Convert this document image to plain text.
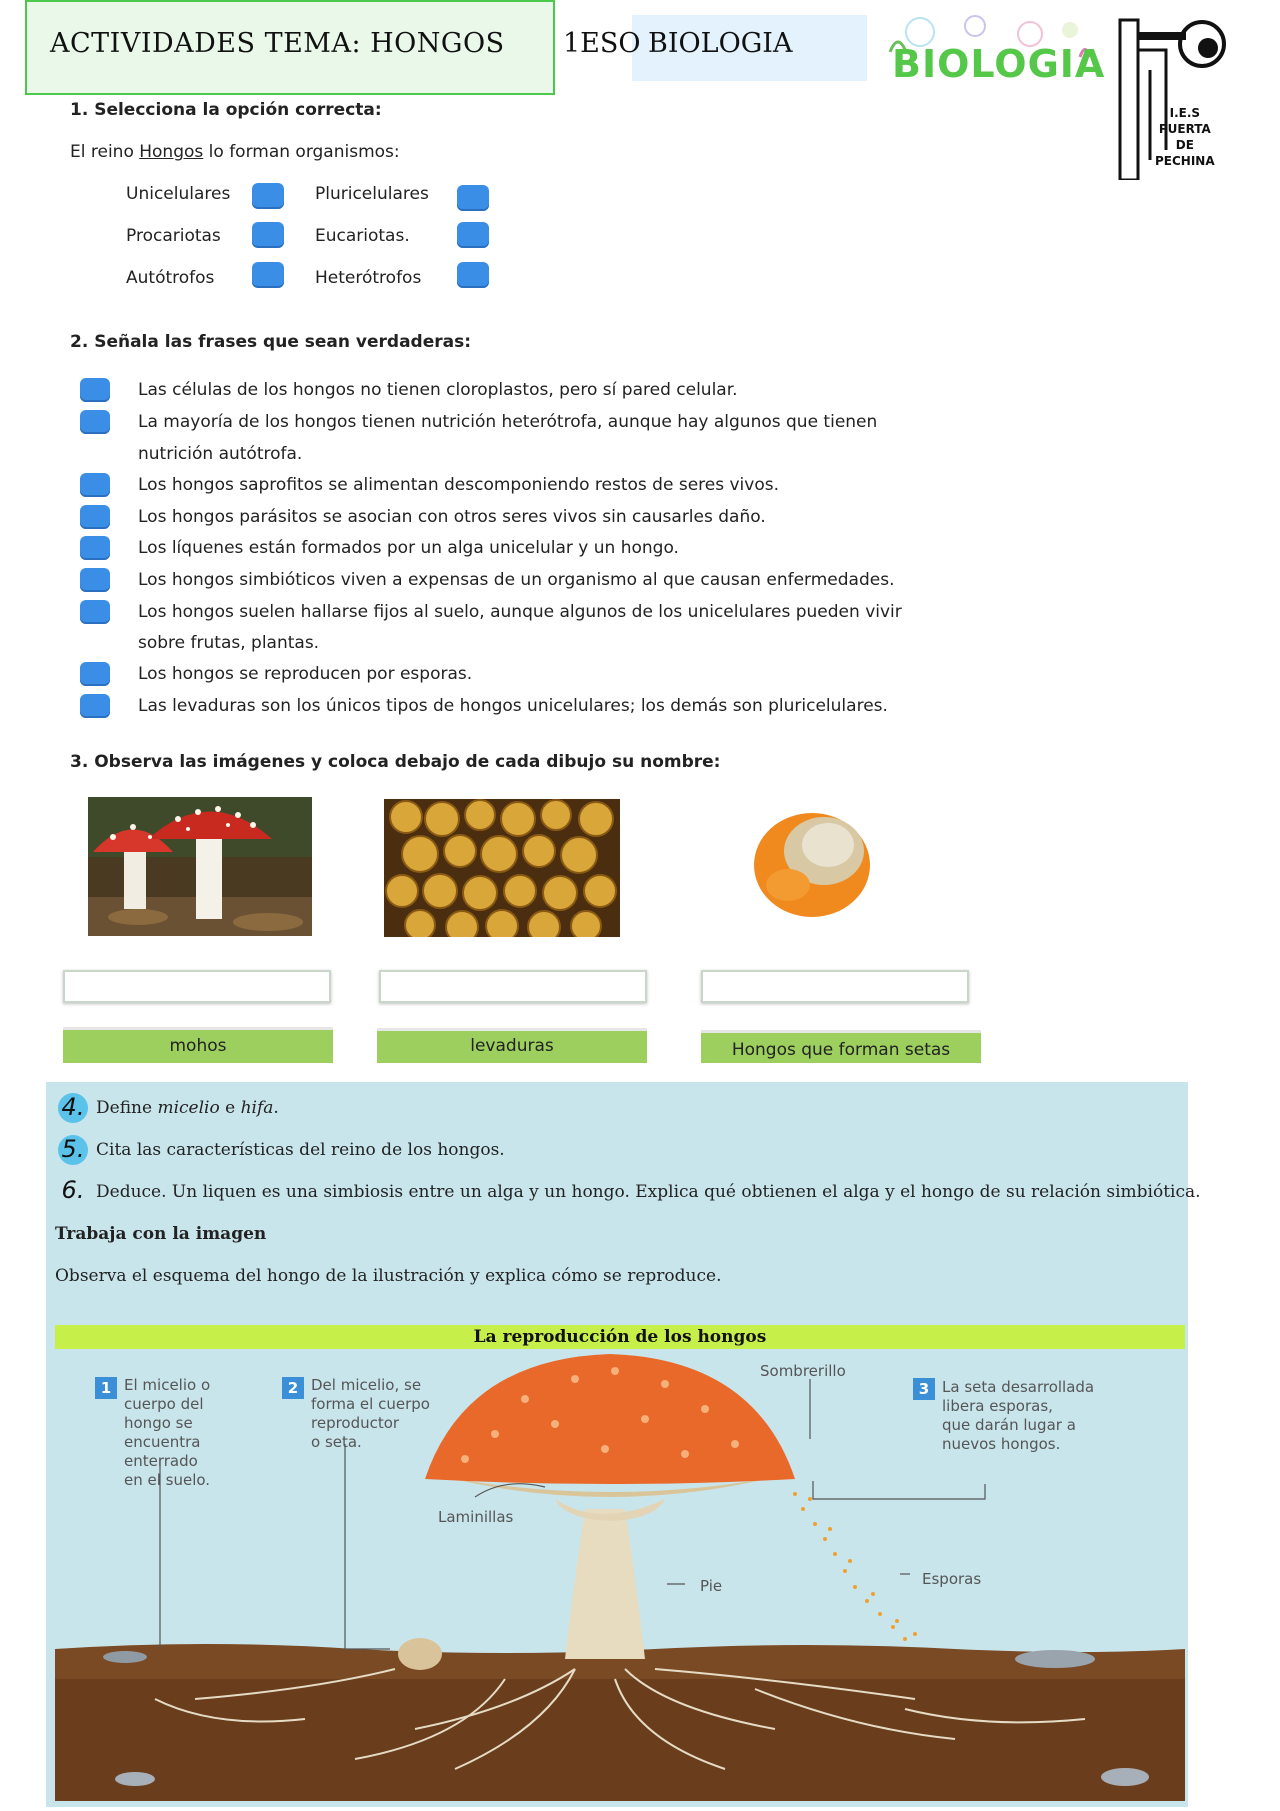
ACTIVIDADES TEMA: HONGOS 1ESO BIOLOGIA	BIOLOGIA
I.E.S
PUERTA
DE
PECHINA
1. Selecciona la opción correcta:
El reino Hongos lo forman organismos:
Unicelulares	Pluricelulares
Procariotas	Eucariotas.
Autótrofos	Heterótrofos
2. Señala las frases que sean verdaderas:
Las células de los hongos no tienen cloroplastos, pero sí pared celular.
La mayoría de los hongos tienen nutrición heterótrofa, aunque hay algunos que tienen
nutrición autótrofa.
Los hongos saprofitos se alimentan descomponiendo restos de seres vivos.
Los hongos parásitos se asocian con otros seres vivos sin causarles daño.
Los líquenes están formados por un alga unicelular y un hongo.
Los hongos simbióticos viven a expensas de un organismo al que causan enfermedades.
Los hongos suelen hallarse fijos al suelo, aunque algunos de los unicelulares pueden vivir
sobre frutas, plantas.
Los hongos se reproducen por esporas.
Las levaduras son los únicos tipos de hongos unicelulares; los demás son pluricelulares.
3. Observa las imágenes y coloca debajo de cada dibujo su nombre:
mohos	levaduras	Hongos que forman setas
4. Define micelio e hifa.
5. Cita las características del reino de los hongos.
6. Deduce. Un liquen es una simbiosis entre un alga y un hongo. Explica qué obtienen el alga y el hongo de su relación simbiótica.
Trabaja con la imagen
Observa el esquema del hongo de la ilustración y explica cómo se reproduce.
La reproducción de los hongos
1 El micelio o
cuerpo del
hongo se
encuentra
enterrado
en el suelo.
2 Del micelio, se
forma el cuerpo
reproductor
o seta.
3 La seta desarrollada
libera esporas,
que darán lugar a
nuevos hongos.
Sombrerillo
Laminillas
Pie	Esporas
